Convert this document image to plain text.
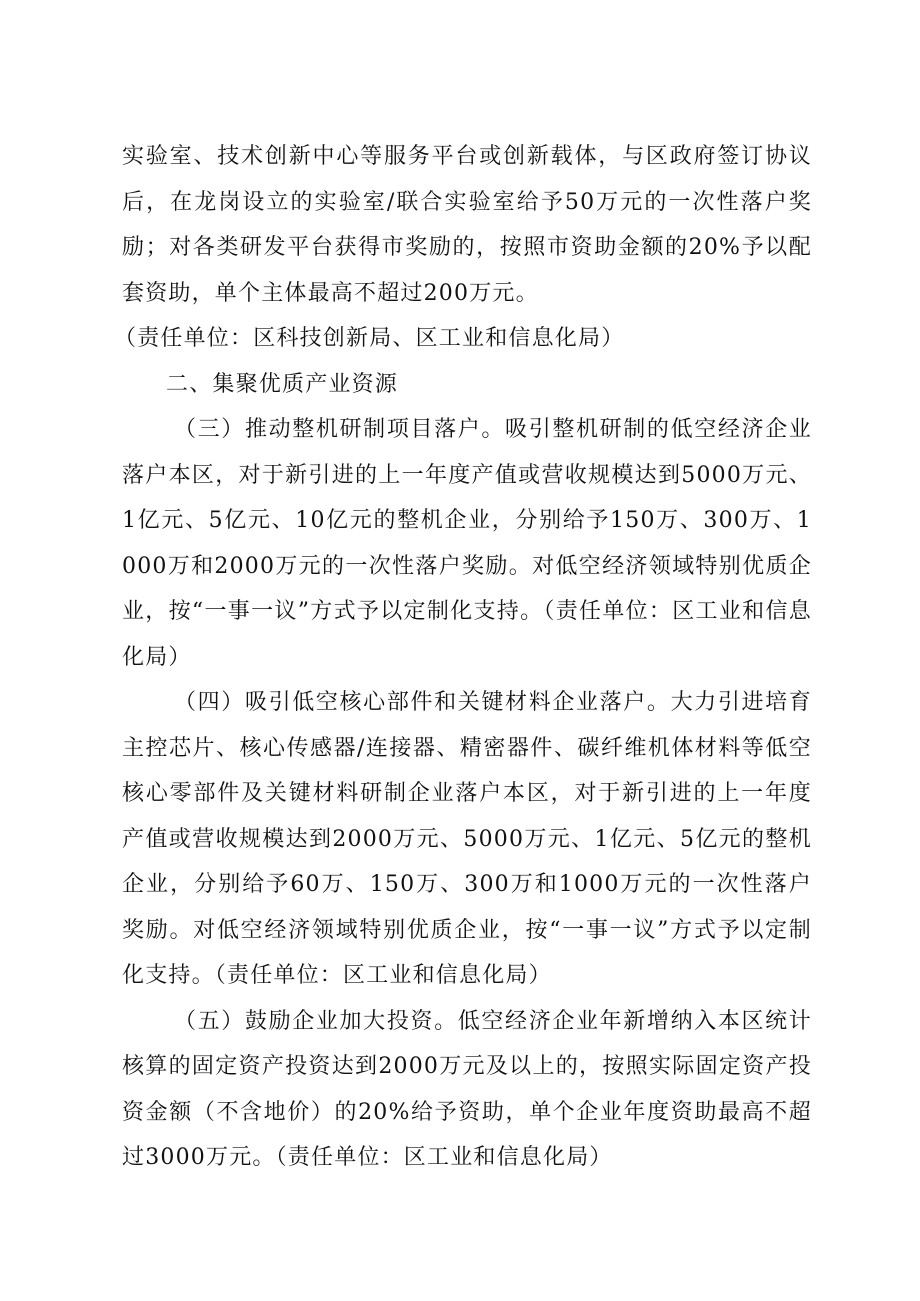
实验室、技术创新中心等服务平台或创新载体，与区政府签订协议后，在龙岗设立的实验室/联合实验室给予50万元的一次性落户奖励；对各类研发平台获得市奖励的，按照市资助金额的20%予以配套资助，单个主体最高不超过200万元。

（责任单位：区科技创新局、区工业和信息化局）

二、集聚优质产业资源

（三）推动整机研制项目落户。吸引整机研制的低空经济企业落户本区，对于新引进的上一年度产值或营收规模达到5000万元、1亿元、5亿元、10亿元的整机企业，分别给予150万、300万、1000万和2000万元的一次性落户奖励。对低空经济领域特别优质企业，按“一事一议”方式予以定制化支持。（责任单位：区工业和信息化局）

（四）吸引低空核心部件和关键材料企业落户。大力引进培育主控芯片、核心传感器/连接器、精密器件、碳纤维机体材料等低空核心零部件及关键材料研制企业落户本区，对于新引进的上一年度产值或营收规模达到2000万元、5000万元、1亿元、5亿元的整机企业，分别给予60万、150万、300万和1000万元的一次性落户奖励。对低空经济领域特别优质企业，按“一事一议”方式予以定制化支持。（责任单位：区工业和信息化局）

（五）鼓励企业加大投资。低空经济企业年新增纳入本区统计核算的固定资产投资达到2000万元及以上的，按照实际固定资产投资金额（不含地价）的20%给予资助，单个企业年度资助最高不超过3000万元。（责任单位：区工业和信息化局）
